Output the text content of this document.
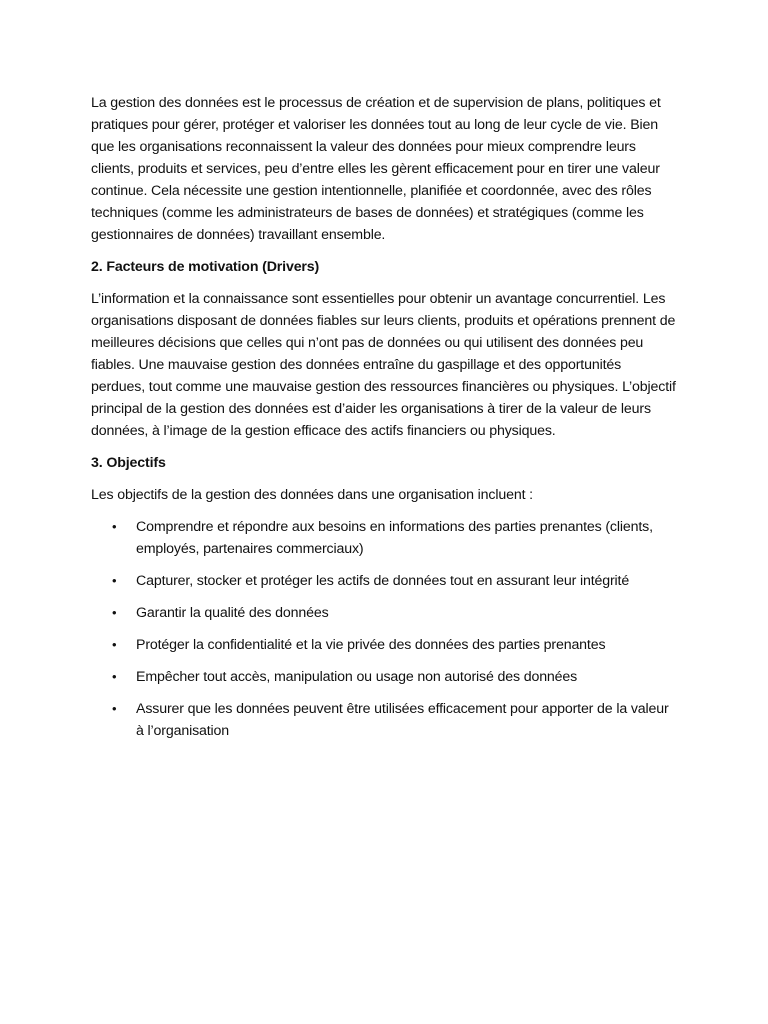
La gestion des données est le processus de création et de supervision de plans, politiques et pratiques pour gérer, protéger et valoriser les données tout au long de leur cycle de vie. Bien que les organisations reconnaissent la valeur des données pour mieux comprendre leurs clients, produits et services, peu d’entre elles les gèrent efficacement pour en tirer une valeur continue. Cela nécessite une gestion intentionnelle, planifiée et coordonnée, avec des rôles techniques (comme les administrateurs de bases de données) et stratégiques (comme les gestionnaires de données) travaillant ensemble.

2. Facteurs de motivation (Drivers)

L’information et la connaissance sont essentielles pour obtenir un avantage concurrentiel. Les organisations disposant de données fiables sur leurs clients, produits et opérations prennent de meilleures décisions que celles qui n’ont pas de données ou qui utilisent des données peu fiables. Une mauvaise gestion des données entraîne du gaspillage et des opportunités perdues, tout comme une mauvaise gestion des ressources financières ou physiques. L’objectif principal de la gestion des données est d’aider les organisations à tirer de la valeur de leurs données, à l’image de la gestion efficace des actifs financiers ou physiques.

3. Objectifs

Les objectifs de la gestion des données dans une organisation incluent :

• Comprendre et répondre aux besoins en informations des parties prenantes (clients, employés, partenaires commerciaux)
• Capturer, stocker et protéger les actifs de données tout en assurant leur intégrité
• Garantir la qualité des données
• Protéger la confidentialité et la vie privée des données des parties prenantes
• Empêcher tout accès, manipulation ou usage non autorisé des données
• Assurer que les données peuvent être utilisées efficacement pour apporter de la valeur à l’organisation
